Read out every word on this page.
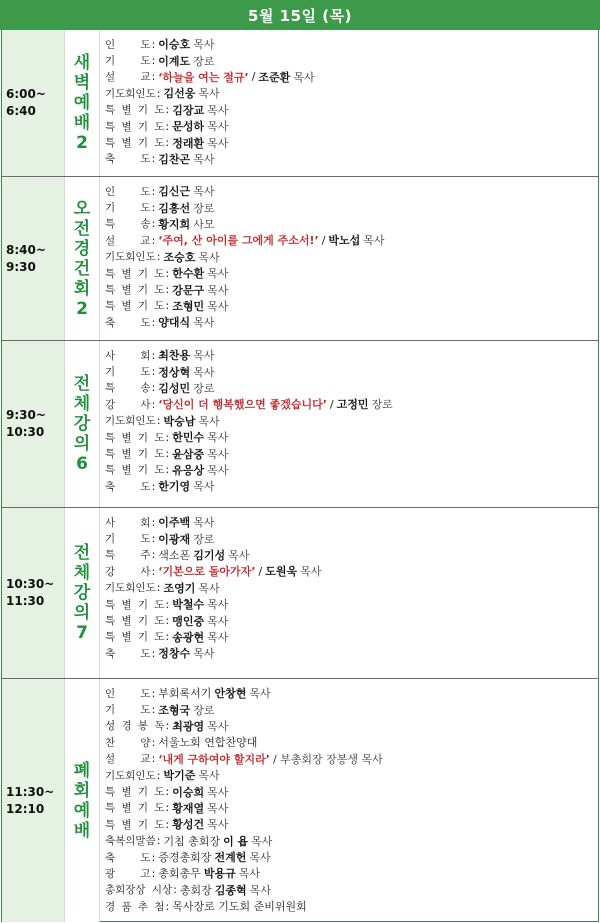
5월 15일 (목)
6:00~
6:40
새벽예배2
인    도 : 이승호 목사
기    도 : 이계도 장로
설    교 : ‘하늘을 여는 절규’ / 조준환 목사
기도회인도 : 김선웅 목사
특 별 기 도 : 김장교 목사
특 별 기 도 : 문성하 목사
특 별 기 도 : 정래환 목사
축    도 : 김찬곤 목사
8:40~
9:30
오전경건회2
인    도 : 김신근 목사
기    도 : 김흥선 장로
특    송 : 황지희 사모
설    교 : ‘주여, 산 아이를 그에게 주소서!’ / 박노섭 목사
기도회인도 : 조승호 목사
특 별 기 도 : 한수환 목사
특 별 기 도 : 강문구 목사
특 별 기 도 : 조형민 목사
축    도 : 양대식 목사
9:30~
10:30
전체강의6
사    회 : 최찬용 목사
기    도 : 정상혁 목사
특    송 : 김성민 장로
강    사 : ‘당신이 더 행복했으면 좋겠습니다’ / 고정민 장로
기도회인도 : 박승남 목사
특 별 기 도 : 한민수 목사
특 별 기 도 : 윤삼중 목사
특 별 기 도 : 유응상 목사
축    도 : 한기영 목사
10:30~
11:30
전체강의7
사    회 : 이주백 목사
기    도 : 이광재 장로
특    주 : 색소폰 김기성 목사
강    사 : ‘기본으로 돌아가자’ / 도원욱 목사
기도회인도 : 조영기 목사
특 별 기 도 : 박철수 목사
특 별 기 도 : 맹인중 목사
특 별 기 도 : 송광현 목사
축    도 : 정창수 목사
11:30~
12:10
폐회예배
인    도 : 부회록서기 안창현 목사
기    도 : 조형국 장로
성 경 봉 독 : 최광영 목사
찬    양 : 서울노회 연합찬양대
설    교 : ‘내게 구하여야 할지라’ / 부총회장 장봉생 목사
기도회인도 : 박기준 목사
특 별 기 도 : 이승희 목사
특 별 기 도 : 황재열 목사
특 별 기 도 : 황성건 목사
축복의말씀 : 기침 총회장 이 욥 목사
축    도 : 증경총회장 전계헌 목사
광    고 : 총회총무 박용규 목사
총회장상 시상 : 총회장 김종혁 목사
경 품 추 첨 : 목사장로 기도회 준비위원회
